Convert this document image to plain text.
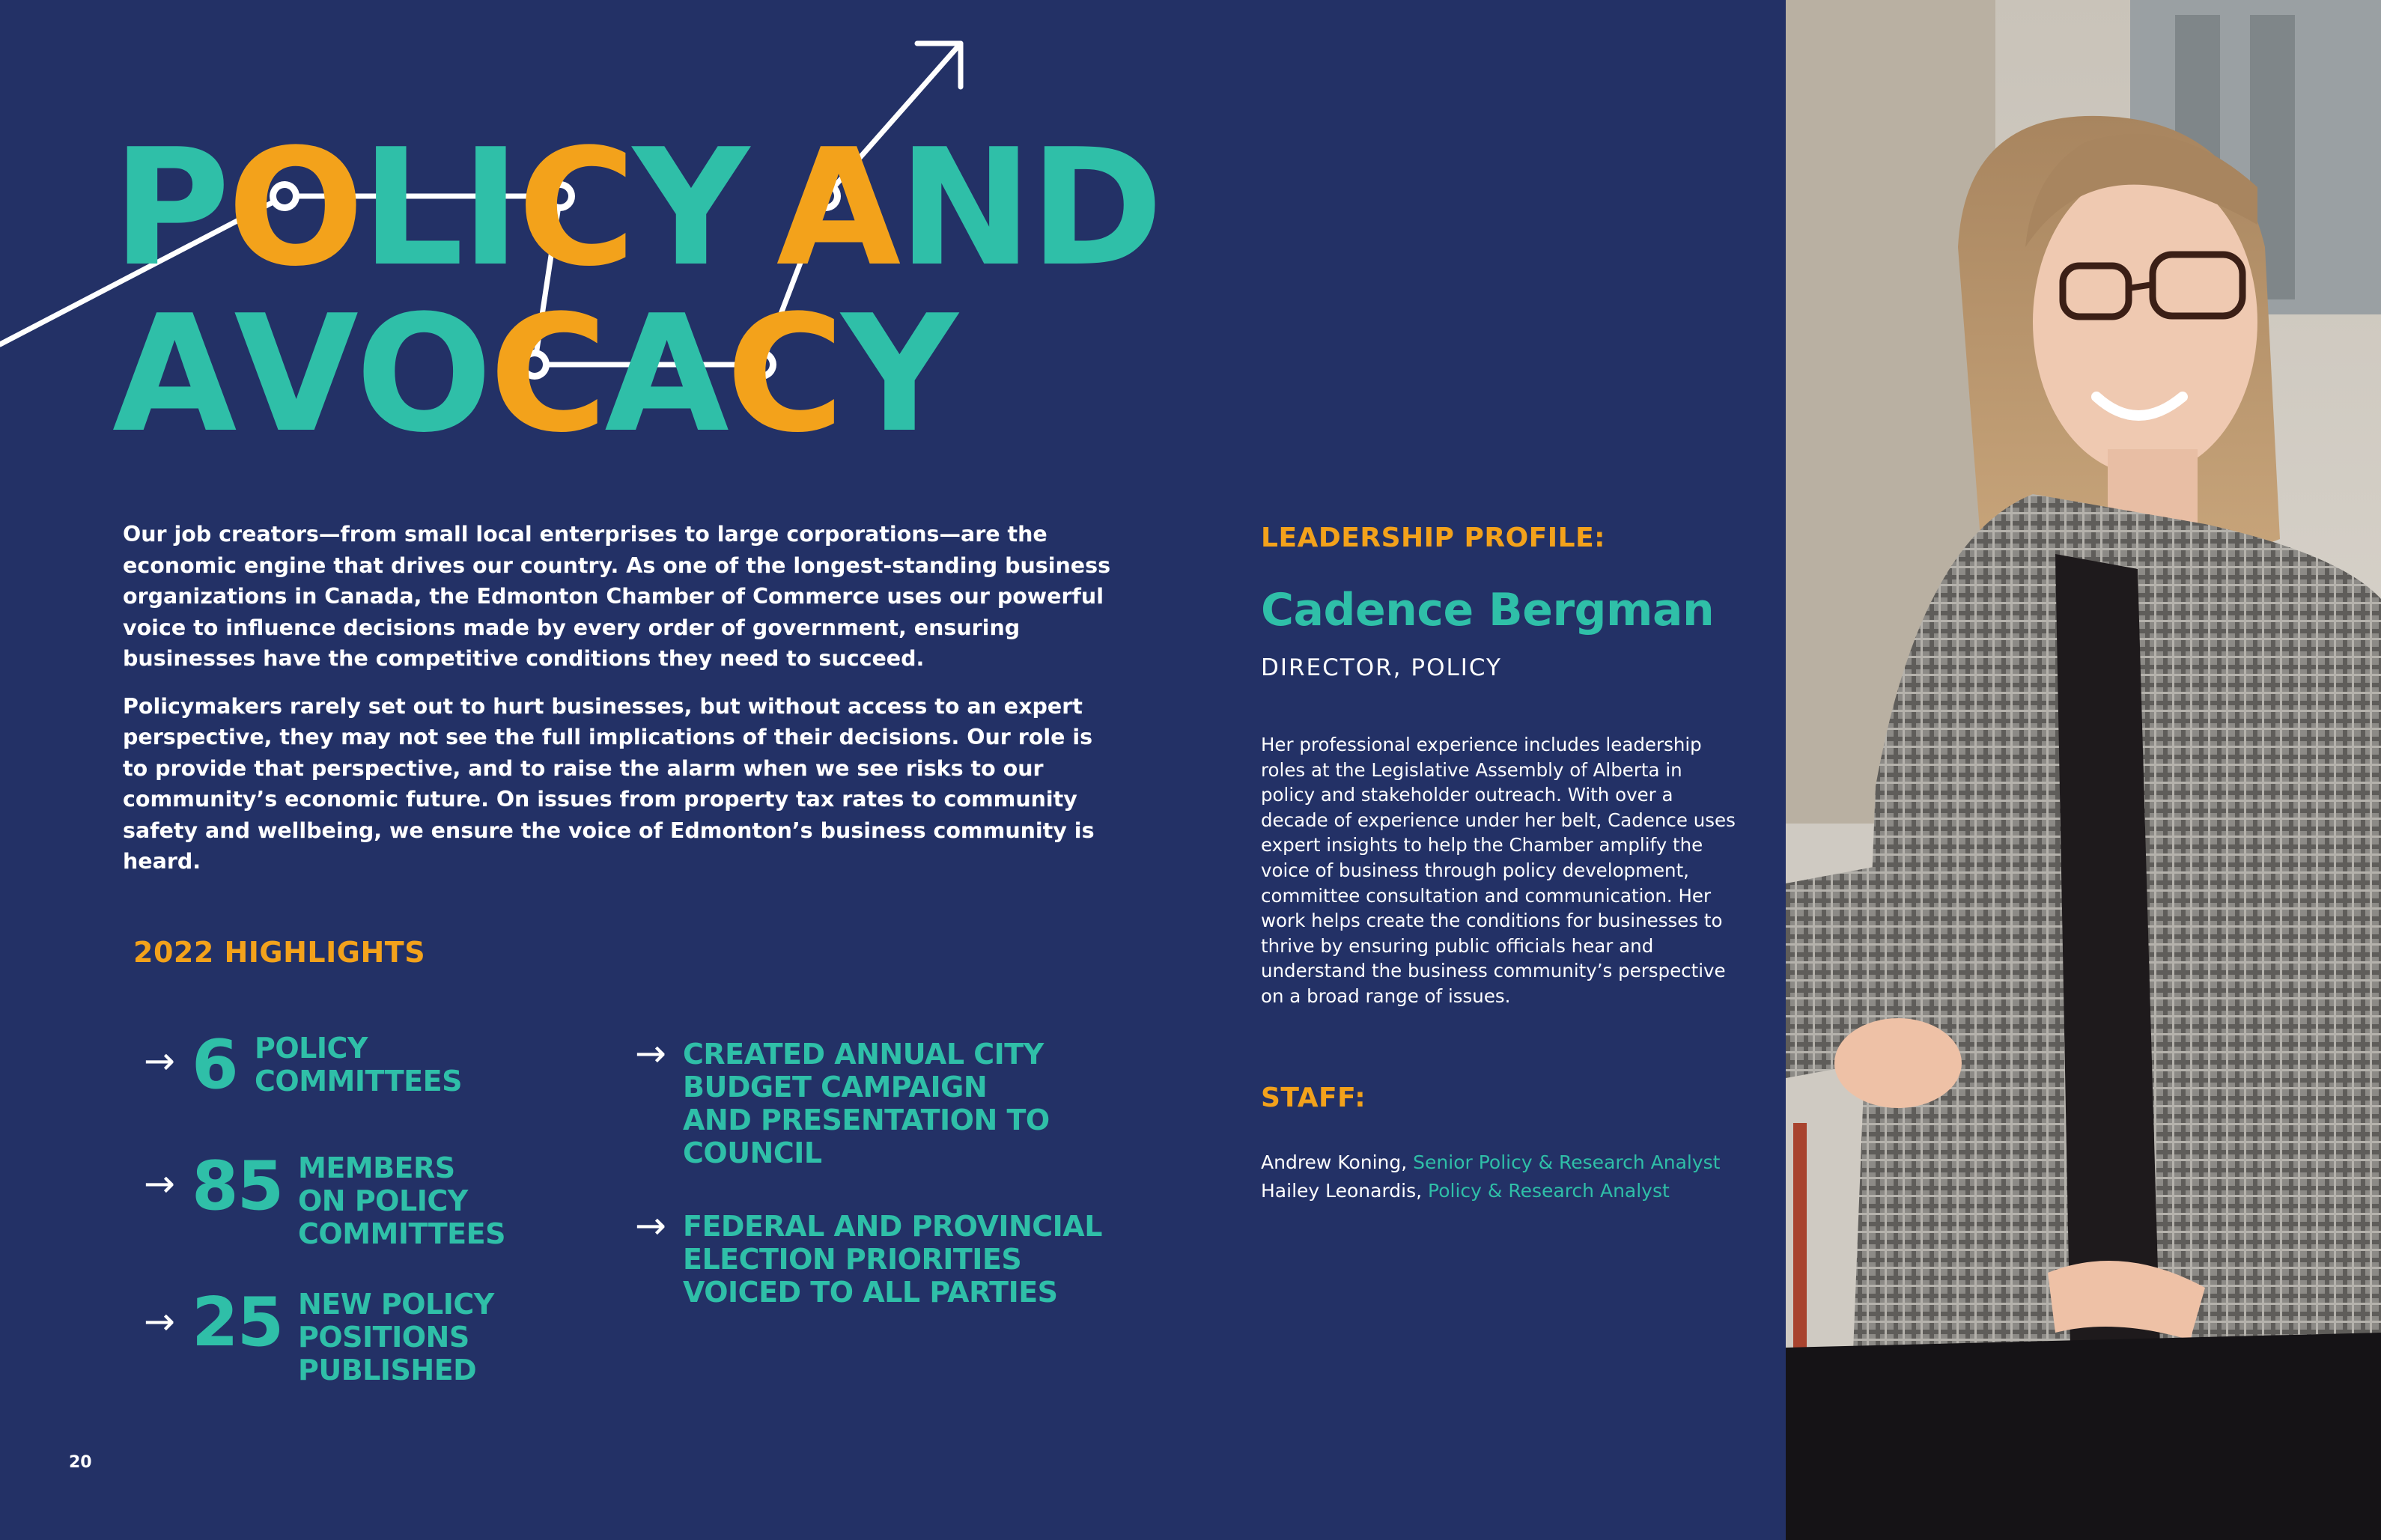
POLICY AND
AVOCACY

Our job creators—from small local enterprises to large corporations—are the economic engine that drives our country. As one of the longest-standing business organizations in Canada, the Edmonton Chamber of Commerce uses our powerful voice to influence decisions made by every order of government, ensuring businesses have the competitive conditions they need to succeed.

Policymakers rarely set out to hurt businesses, but without access to an expert perspective, they may not see the full implications of their decisions. Our role is to provide that perspective, and to raise the alarm when we see risks to our community’s economic future. On issues from property tax rates to community safety and wellbeing, we ensure the voice of Edmonton’s business community is heard.

2022 HIGHLIGHTS
→ 6 POLICY
COMMITTEES
→ 85 MEMBERS
ON POLICY
COMMITTEES
→ 25 NEW POLICY
POSITIONS
PUBLISHED
→ CREATED ANNUAL CITY
BUDGET CAMPAIGN
AND PRESENTATION TO
COUNCIL
→ FEDERAL AND PROVINCIAL
ELECTION PRIORITIES
VOICED TO ALL PARTIES
20
LEADERSHIP PROFILE:
Cadence Bergman
DIRECTOR, POLICY

Her professional experience includes leadership roles at the Legislative Assembly of Alberta in policy and stakeholder outreach. With over a decade of experience under her belt, Cadence uses expert insights to help the Chamber amplify the voice of business through policy development, committee consultation and communication. Her work helps create the conditions for businesses to thrive by ensuring public officials hear and understand the business community’s perspective on a broad range of issues.

STAFF:
Andrew Koning, Senior Policy & Research Analyst
Hailey Leonardis, Policy & Research Analyst
